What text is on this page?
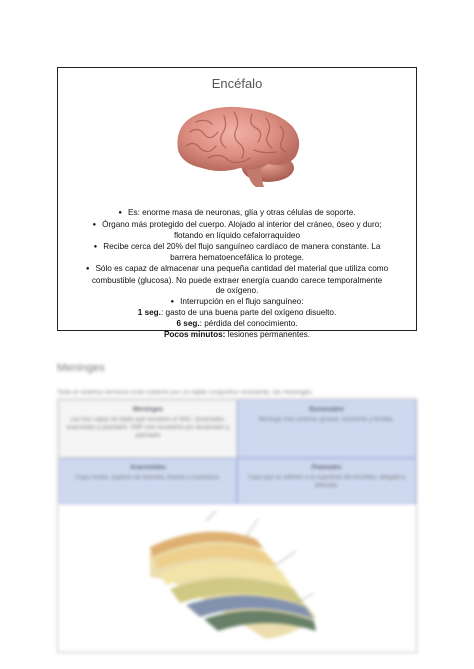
Encéfalo
● Es: enorme masa de neuronas, glía y otras células de soporte.
● Órgano más protegido del cuerpo. Alojado al interior del cráneo, óseo y duro;
flotando en líquido cefalorraquídeo
● Recibe cerca del 20% del flujo sanguíneo cardíaco de manera constante. La
barrera hematoencefálica lo protege.
● Sólo es capaz de almacenar una pequeña cantidad del material que utiliza como
combustible (glucosa). No puede extraer energía cuando carece temporalmente
de oxígeno.
● Interrupción en el flujo sanguíneo:
1 seg.: gasto de una buena parte del oxígeno disuelto.
6 seg.: pérdida del conocimiento.
Pocos minutos: lesiones permanentes.
Meninges
Todo el sistema nervioso está cubierto por un tejido conjuntivo resistente, las meninges.
Meninges
Las tres capas de tejido que recubren el SNC: duramadre, aracnoides y piamadre. SNP solo recubierto por duramadre y piamadre
Duramadre
Meninge más externa; gruesa, resistente y flexible.
Aracnoides
Capa media, aspecto de telaraña, blanda y esponjosa.
Piamadre
Capa que se adhiere a la superficie del encéfalo; delgada y delicada.
